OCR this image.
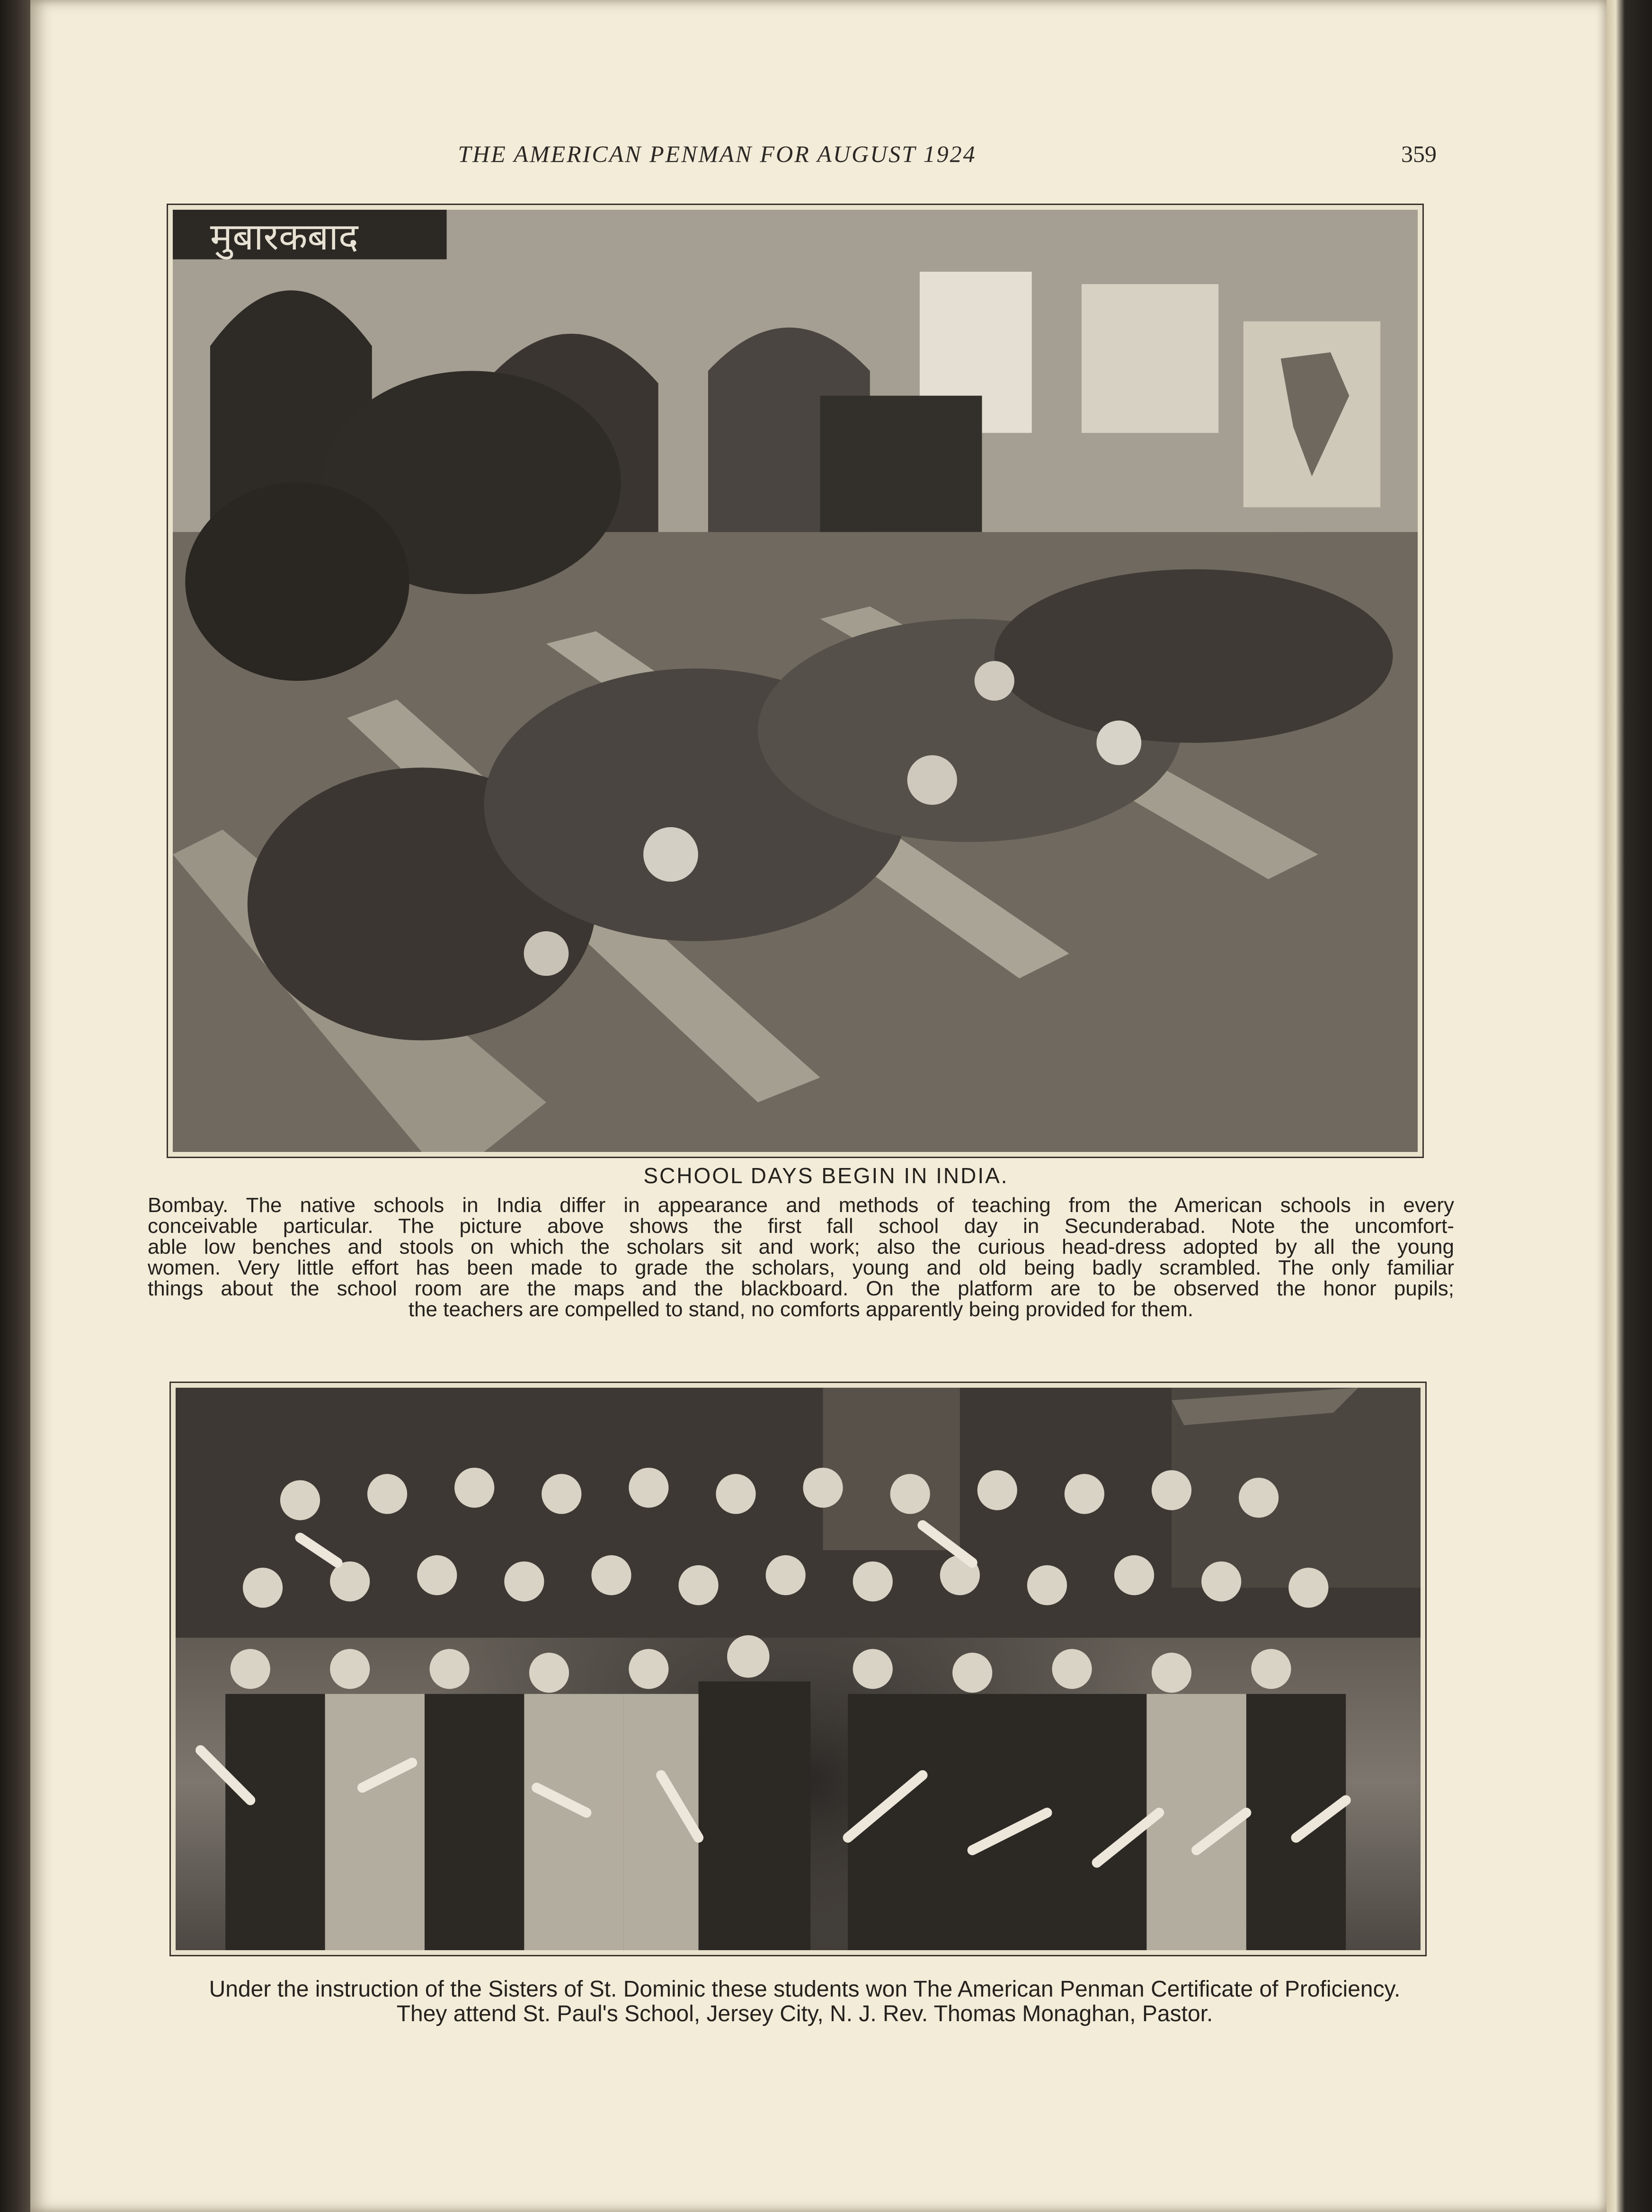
THE AMERICAN PENMAN FOR AUGUST 1924	359
मुबारकबाद
SCHOOL DAYS BEGIN IN INDIA.
Bombay. The native schools in India differ in appearance and methods of teaching from the American schools in every
conceivable particular. The picture above shows the first fall school day in Secunderabad. Note the uncomfort-
able low benches and stools on which the scholars sit and work; also the curious head-dress adopted by all the young
women. Very little effort has been made to grade the scholars, young and old being badly scrambled. The only familiar
things about the school room are the maps and the blackboard. On the platform are to be observed the honor pupils;
the teachers are compelled to stand, no comforts apparently being provided for them.
Under the instruction of the Sisters of St. Dominic these students won The American Penman Certificate of Proficiency.
They attend St. Paul's School, Jersey City, N. J. Rev. Thomas Monaghan, Pastor.
